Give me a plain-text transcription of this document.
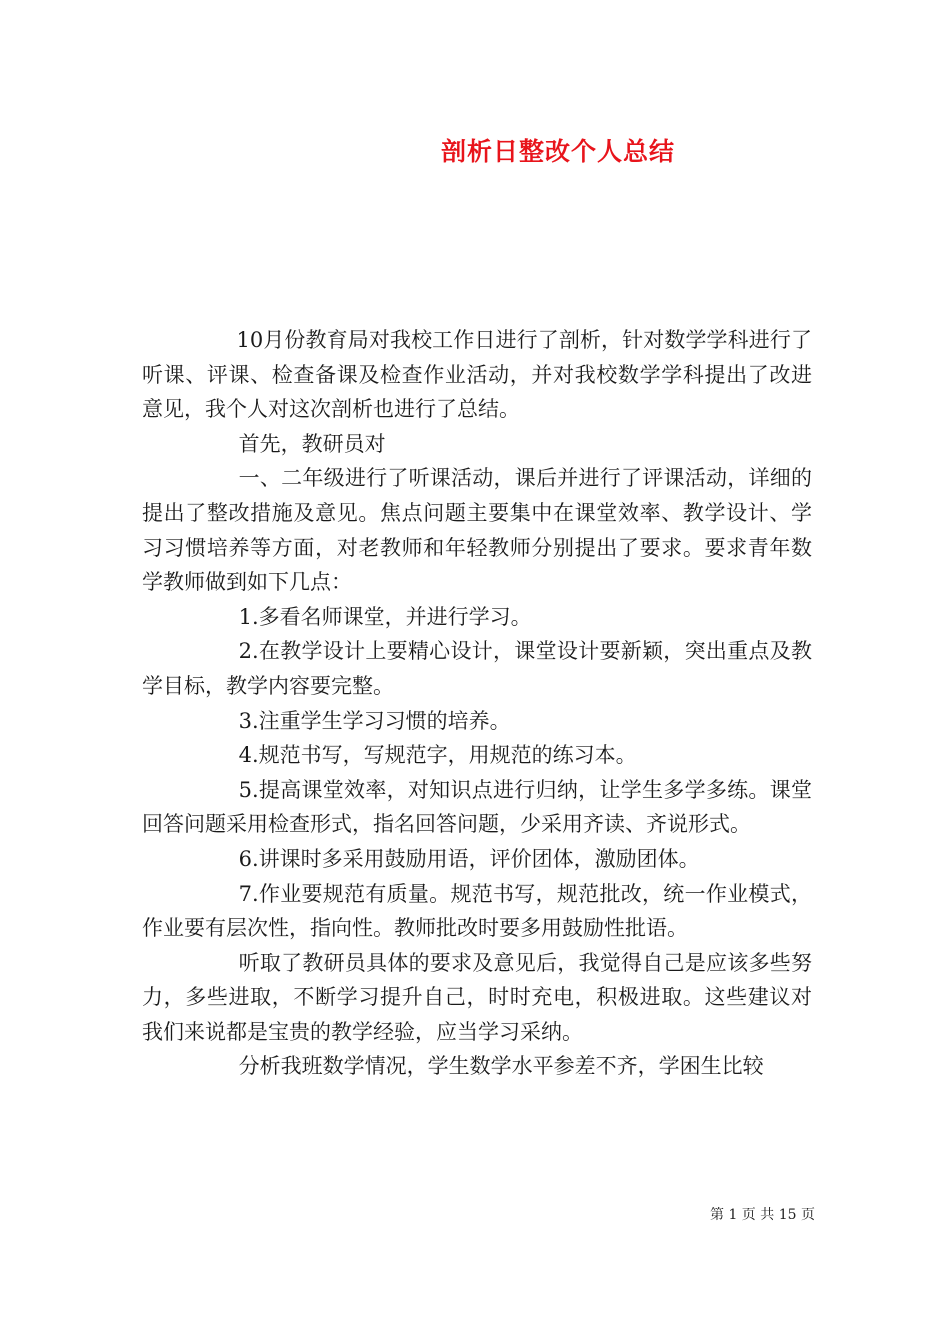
剖析日整改个人总结

10月份教育局对我校工作日进行了剖析，针对数学学科进行了听课、评课、检查备课及检查作业活动，并对我校数学学科提出了改进意见，我个人对这次剖析也进行了总结。

首先，教研员对

一、二年级进行了听课活动，课后并进行了评课活动，详细的提出了整改措施及意见。焦点问题主要集中在课堂效率、教学设计、学习习惯培养等方面，对老教师和年轻教师分别提出了要求。要求青年数学教师做到如下几点：

1.多看名师课堂，并进行学习。

2.在教学设计上要精心设计，课堂设计要新颖，突出重点及教学目标，教学内容要完整。

3.注重学生学习习惯的培养。

4.规范书写，写规范字，用规范的练习本。

5.提高课堂效率，对知识点进行归纳，让学生多学多练。课堂回答问题采用检查形式，指名回答问题，少采用齐读、齐说形式。

6.讲课时多采用鼓励用语，评价团体，激励团体。

7.作业要规范有质量。规范书写，规范批改，统一作业模式，作业要有层次性，指向性。教师批改时要多用鼓励性批语。

听取了教研员具体的要求及意见后，我觉得自己是应该多些努力，多些进取，不断学习提升自己，时时充电，积极进取。这些建议对我们来说都是宝贵的教学经验，应当学习采纳。

分析我班数学情况，学生数学水平参差不齐，学困生比较

第 1 页 共 15 页
